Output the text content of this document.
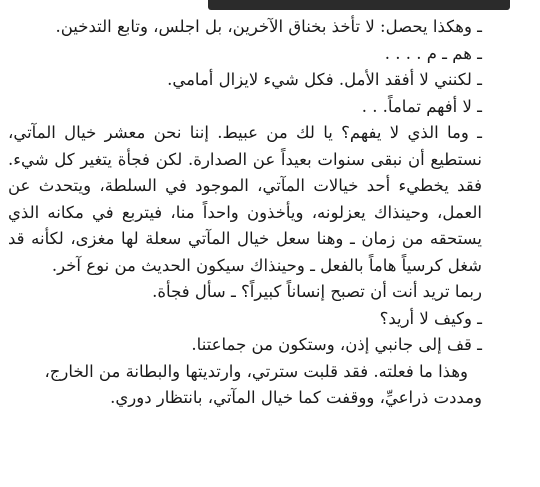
ـ وهكذا يحصل: لا تأخذ بخناق الآخرين، بل اجلس، وتابع التدخين.

ـ هم ـ م . . . .

ـ لكنني لا أفقد الأمل. فكل شيء لايزال أمامي.

ـ لا أفهم تماماً. . .

ـ وما الذي لا يفهم؟ يا لك من عبيط. إننا نحن معشر خيال المآتي، نستطيع أن نبقى سنوات بعيداً عن الصدارة. لكن فجأة يتغير كل شيء. فقد يخطيء أحد خيالات المآتي، الموجود في السلطة، ويتحدث عن العمل، وحينذاك يعزلونه، ويأخذون واحداً منا، فيتربع في مكانه الذي يستحقه من زمان ـ وهنا سعل خيال المآتي سعلة لها مغزى، لكأنه قد شغل كرسياً هاماً بالفعل ـ وحينذاك سيكون الحديث من نوع آخر.

ربما تريد أنت أن تصبح إنساناً كبيراً؟ ـ سأل فجأة.

ـ وكيف لا أريد؟

ـ قف إلى جانبي إذن، وستكون من جماعتنا.

وهذا ما فعلته. فقد قلبت سترتي، وارتديتها والبطانة من الخارج،

ومددت ذراعيِّ، ووقفت كما خيال المآتي، بانتظار دوري.
